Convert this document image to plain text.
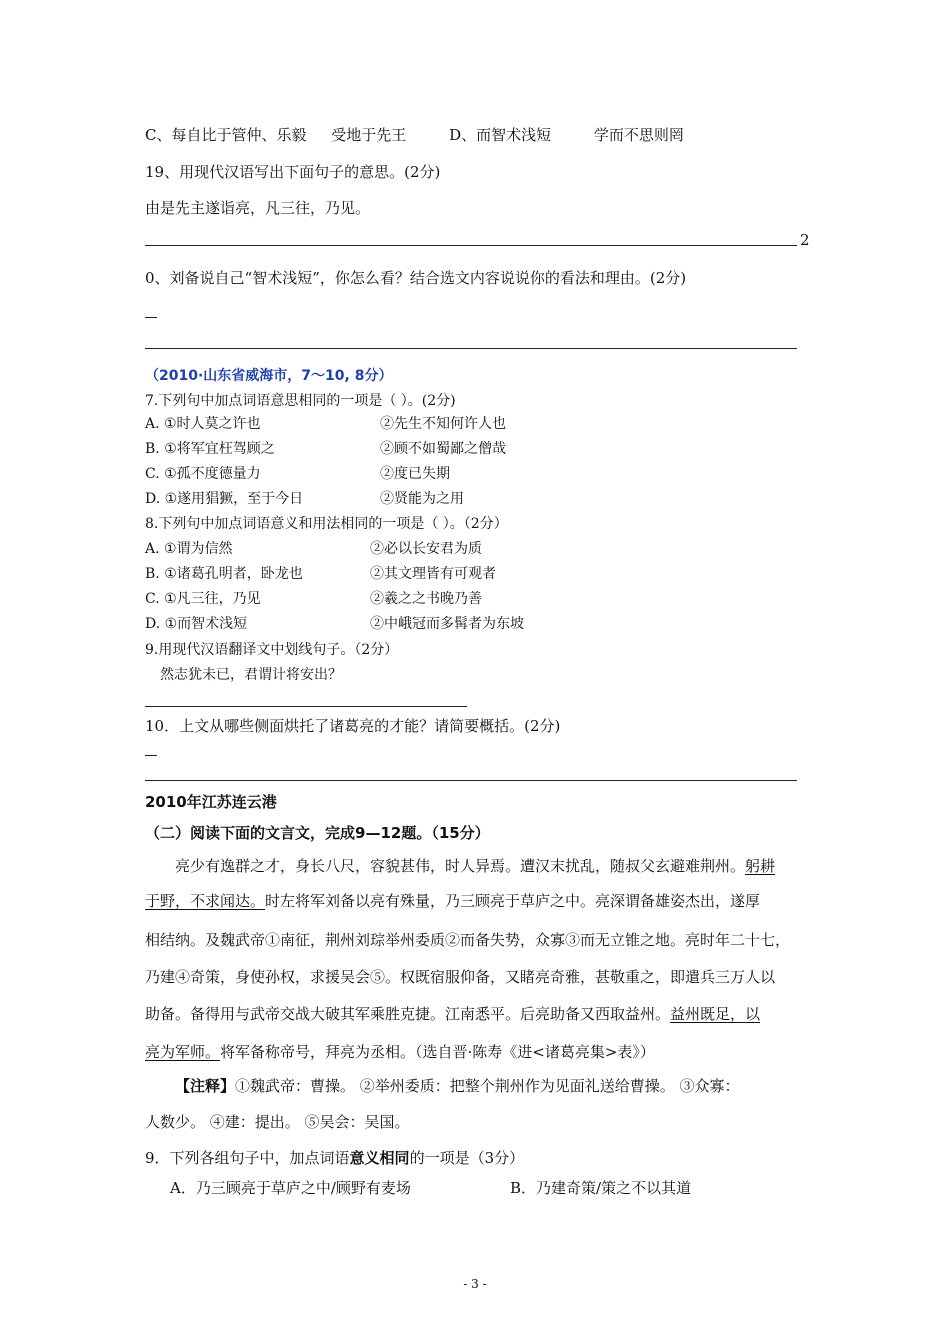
C、每自比于管仲、乐毅 受地于先王	D、而智术浅短	学而不思则罔
19、用现代汉语写出下面句子的意思。(2分)
由是先主遂诣亮，凡三往，乃见。
2
0、刘备说自己“智术浅短”，你怎么看？结合选文内容说说你的看法和理由。(2分)
（2010·山东省威海市，7～10, 8分）
7.下列句中加点词语意思相同的一项是（ ）。(2分)
A. ①时人莫之许也	②先生不知何许人也
B. ①将军宜枉驾顾之	②顾不如蜀鄙之僧哉
C. ①孤不度德量力	②度已失期
D. ①遂用猖獗，至于今日	②贤能为之用
8.下列句中加点词语意义和用法相同的一项是（ ）。（2分）
A. ①谓为信然	②必以长安君为质
B. ①诸葛孔明者，卧龙也	②其文理皆有可观者
C. ①凡三往，乃见	②羲之之书晚乃善
D. ①而智术浅短	②中峨冠而多髯者为东坡
9.用现代汉语翻译文中划线句子。（2分）
然志犹未已，君谓计将安出？
10．上文从哪些侧面烘托了诸葛亮的才能？请简要概括。(2分)
2010年江苏连云港
（二）阅读下面的文言文，完成9—12题。（15分）
亮少有逸群之才，身长八尺，容貌甚伟，时人异焉。遭汉末扰乱，随叔父玄避难荆州。躬耕
于野，不求闻达。时左将军刘备以亮有殊量，乃三顾亮于草庐之中。亮深谓备雄姿杰出，遂厚
相结纳。及魏武帝①南征，荆州刘琮举州委质②而备失势，众寡③而无立锥之地。亮时年二十七，
乃建④奇策，身使孙权，求援吴会⑤。权既宿服仰备，又睹亮奇雅，甚敬重之，即遣兵三万人以
助备。备得用与武帝交战大破其军乘胜克捷。江南悉平。后亮助备又西取益州。益州既足，以
亮为军师。将军备称帝号，拜亮为丞相。（选自晋·陈寿《进<诸葛亮集>表》）
【注释】①魏武帝：曹操。 ②举州委质：把整个荆州作为见面礼送给曹操。 ③众寡：
人数少。 ④建：提出。 ⑤吴会：吴国。
9．下列各组句子中，加点词语意义相同的一项是（3分）
A．乃三顾亮于草庐之中/顾野有麦场	B．乃建奇策/策之不以其道
- 3 -
